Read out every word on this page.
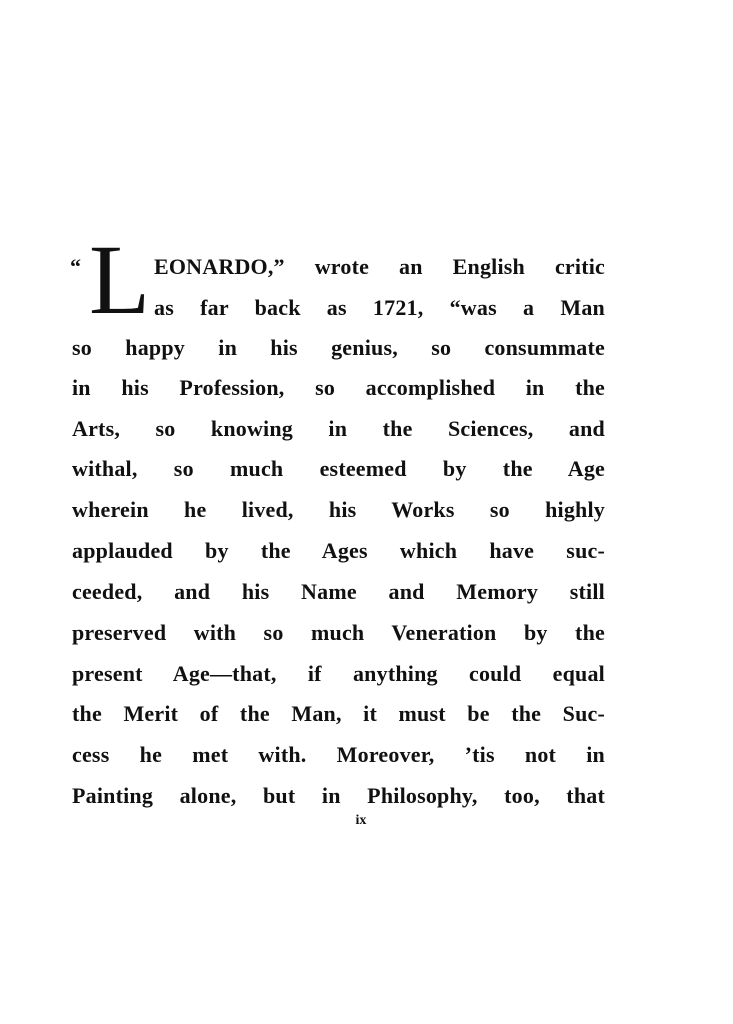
“ L EONARDO,” wrote an English critic
as far back as 1721, “was a Man
so happy in his genius, so consummate
in his Profession, so accomplished in the
Arts, so knowing in the Sciences, and
withal, so much esteemed by the Age
wherein he lived, his Works so highly
applauded by the Ages which have suc-
ceeded, and his Name and Memory still
preserved with so much Veneration by the
present Age—that, if anything could equal
the Merit of the Man, it must be the Suc-
cess he met with. Moreover, ’tis not in
Painting alone, but in Philosophy, too, that
ix
